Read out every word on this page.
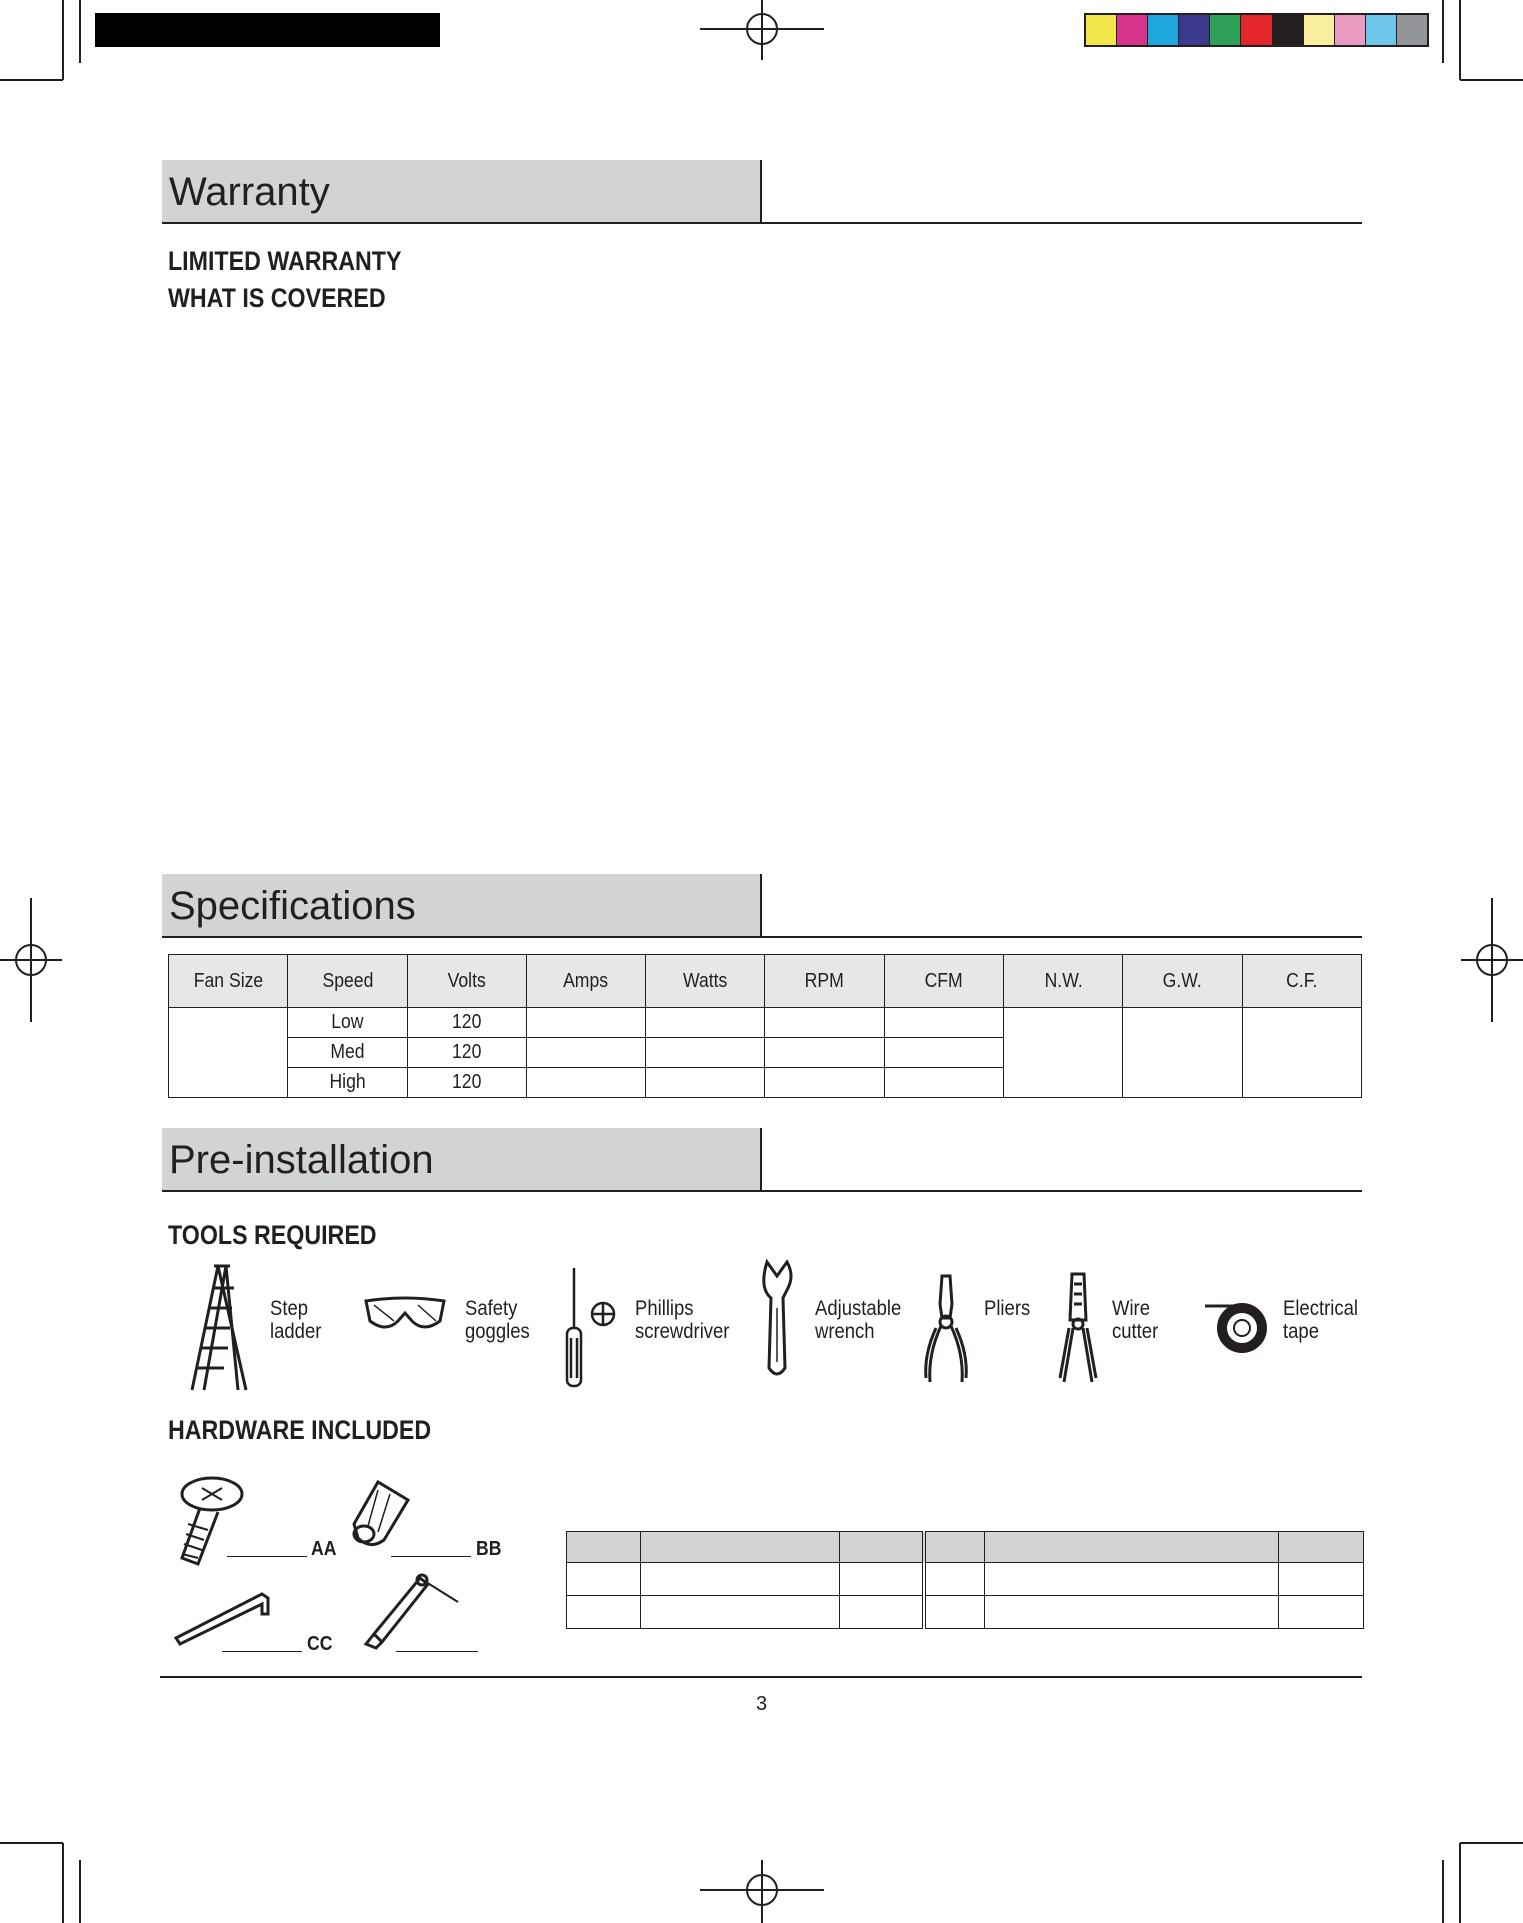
Warranty
LIMITED WARRANTY
WHAT IS COVERED
Specifications
Fan Size	Speed	Volts	Amps	Watts	RPM	CFM	N.W.	G.W.	C.F.
	Low	120							
	Med	120							
	High	120							
Pre-installation
TOOLS REQUIRED
Step
ladder
Safety
goggles
Phillips
screwdriver
Adjustable
wrench
Pliers	Wire
cutter
Electrical
tape
HARDWARE INCLUDED
AA	BB
CC

3
